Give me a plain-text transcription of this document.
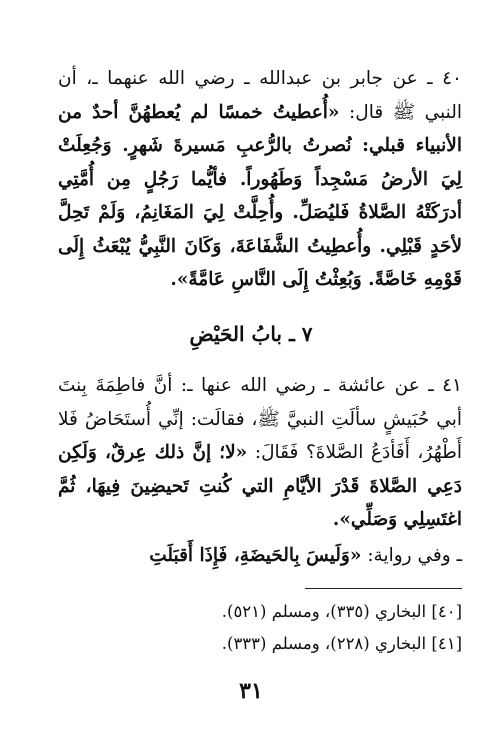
٤٠ ـ عن جابر بن عبدالله ـ رضي الله عنهما ـ، أن النبي ﷺ قال: «أُعطيتُ خمسًا لم يُعطهُنَّ أحدٌ من الأنبياء قبلي: نُصرتُ بالرُّعبِ مَسيرةَ شَهرٍ. وَجُعِلَتْ لِيَ الأرضُ مَسْجِداً وَطَهُوراً. فأيُّما رَجُلٍ مِن أُمَّتِي أدرَكَتْهُ الصَّلاةُ فَليُصَلِّ. وأُحِلَّتْ لِيَ المَغَانِمُ، وَلَمْ تَحِلَّ لأحَدٍ قَبْلِي. وأُعطِيتُ الشَّفَاعَةَ، وَكَانَ النَّبِيُّ يُبْعَثُ إِلَى قَوْمِهِ خَاصَّةً. وَبُعِثْتُ إِلَى النَّاسِ عَامَّةً».
٧ ـ بابُ الحَيْضِ
٤١ ـ عن عائشة ـ رضي الله عنها ـ: أنَّ فاطِمَةَ بِنتَ أبي حُبَيشٍ سألَتِ النبيَّ ﷺ، فقالَت: إنِّي أُستَحَاضُ فَلا أَطْهُرُ، أَفَأدَعُ الصَّلاةَ؟ فَقَالَ: «لا؛ إنَّ ذلك عِرقٌ، وَلَكِن دَعِي الصَّلاةَ قَدْرَ الأيَّامِ التي كُنتِ تَحيضِينَ فِيهَا، ثُمَّ اغتَسِلِي وَصَلِّي».
ـ وفي رواية: «وَلَيسَ بِالحَيضَةِ، فَإِذَا أَقبَلَتِ
[٤٠] البخاري (٣٣٥)، ومسلم (٥٢١).
[٤١] البخاري (٢٢٨)، ومسلم (٣٣٣).
٣١
